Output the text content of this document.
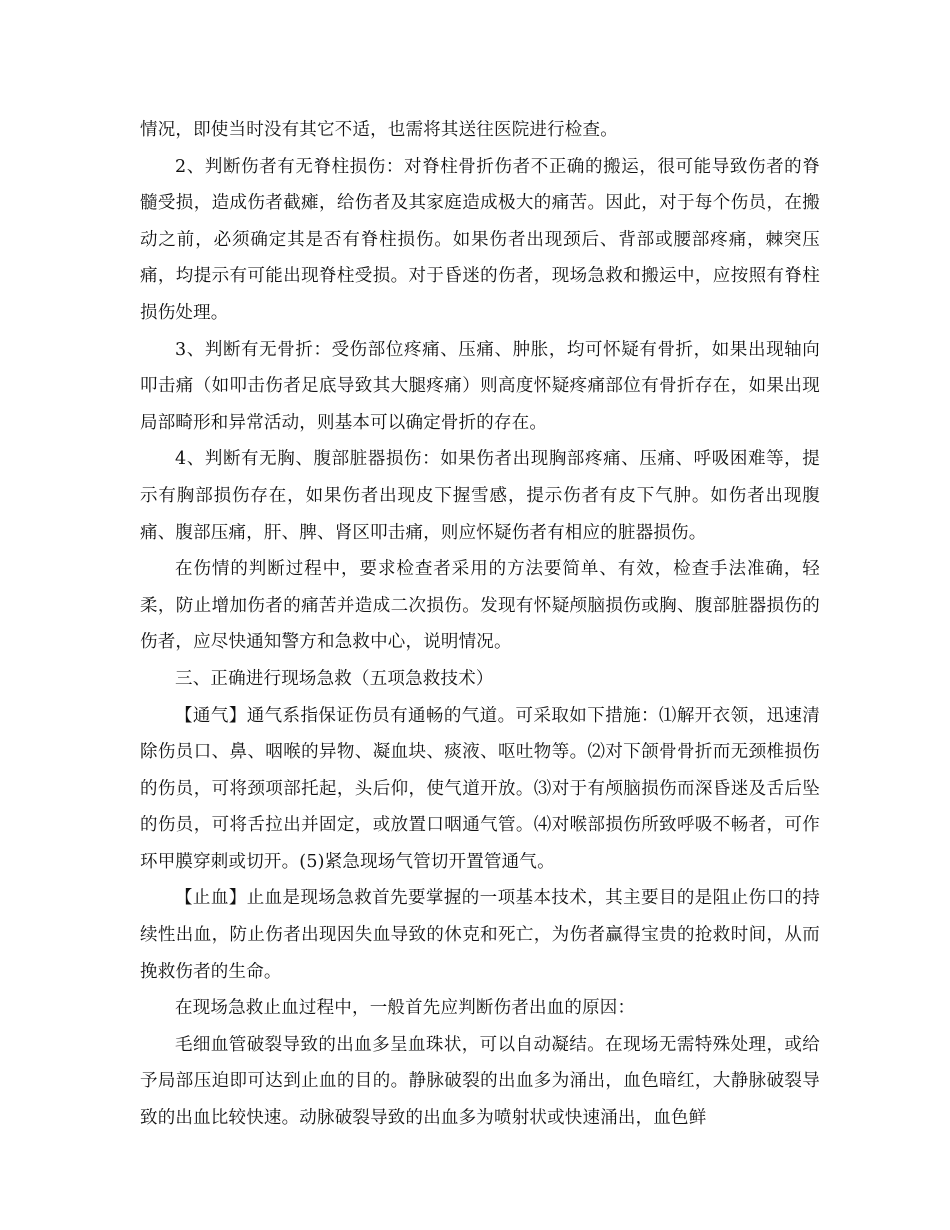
情况，即使当时没有其它不适，也需将其送往医院进行检查。

2、判断伤者有无脊柱损伤：对脊柱骨折伤者不正确的搬运，很可能导致伤者的脊髓受损，造成伤者截瘫，给伤者及其家庭造成极大的痛苦。因此，对于每个伤员，在搬动之前，必须确定其是否有脊柱损伤。如果伤者出现颈后、背部或腰部疼痛，棘突压痛，均提示有可能出现脊柱受损。对于昏迷的伤者，现场急救和搬运中，应按照有脊柱损伤处理。

3、判断有无骨折：受伤部位疼痛、压痛、肿胀，均可怀疑有骨折，如果出现轴向叩击痛（如叩击伤者足底导致其大腿疼痛）则高度怀疑疼痛部位有骨折存在，如果出现局部畸形和异常活动，则基本可以确定骨折的存在。

4、判断有无胸、腹部脏器损伤：如果伤者出现胸部疼痛、压痛、呼吸困难等，提示有胸部损伤存在，如果伤者出现皮下握雪感，提示伤者有皮下气肿。如伤者出现腹痛、腹部压痛，肝、脾、肾区叩击痛，则应怀疑伤者有相应的脏器损伤。

在伤情的判断过程中，要求检查者采用的方法要简单、有效，检查手法准确，轻柔，防止增加伤者的痛苦并造成二次损伤。发现有怀疑颅脑损伤或胸、腹部脏器损伤的伤者，应尽快通知警方和急救中心，说明情况。

三、正确进行现场急救（五项急救技术）

【通气】通气系指保证伤员有通畅的气道。可采取如下措施：⑴解开衣领，迅速清除伤员口、鼻、咽喉的异物、凝血块、痰液、呕吐物等。⑵对下颌骨骨折而无颈椎损伤的伤员，可将颈项部托起，头后仰，使气道开放。⑶对于有颅脑损伤而深昏迷及舌后坠的伤员，可将舌拉出并固定，或放置口咽通气管。⑷对喉部损伤所致呼吸不畅者，可作环甲膜穿刺或切开。(5)紧急现场气管切开置管通气。

【止血】止血是现场急救首先要掌握的一项基本技术，其主要目的是阻止伤口的持续性出血，防止伤者出现因失血导致的休克和死亡，为伤者赢得宝贵的抢救时间，从而挽救伤者的生命。

在现场急救止血过程中，一般首先应判断伤者出血的原因：

毛细血管破裂导致的出血多呈血珠状，可以自动凝结。在现场无需特殊处理，或给予局部压迫即可达到止血的目的。静脉破裂的出血多为涌出，血色暗红，大静脉破裂导致的出血比较快速。动脉破裂导致的出血多为喷射状或快速涌出，血色鲜
